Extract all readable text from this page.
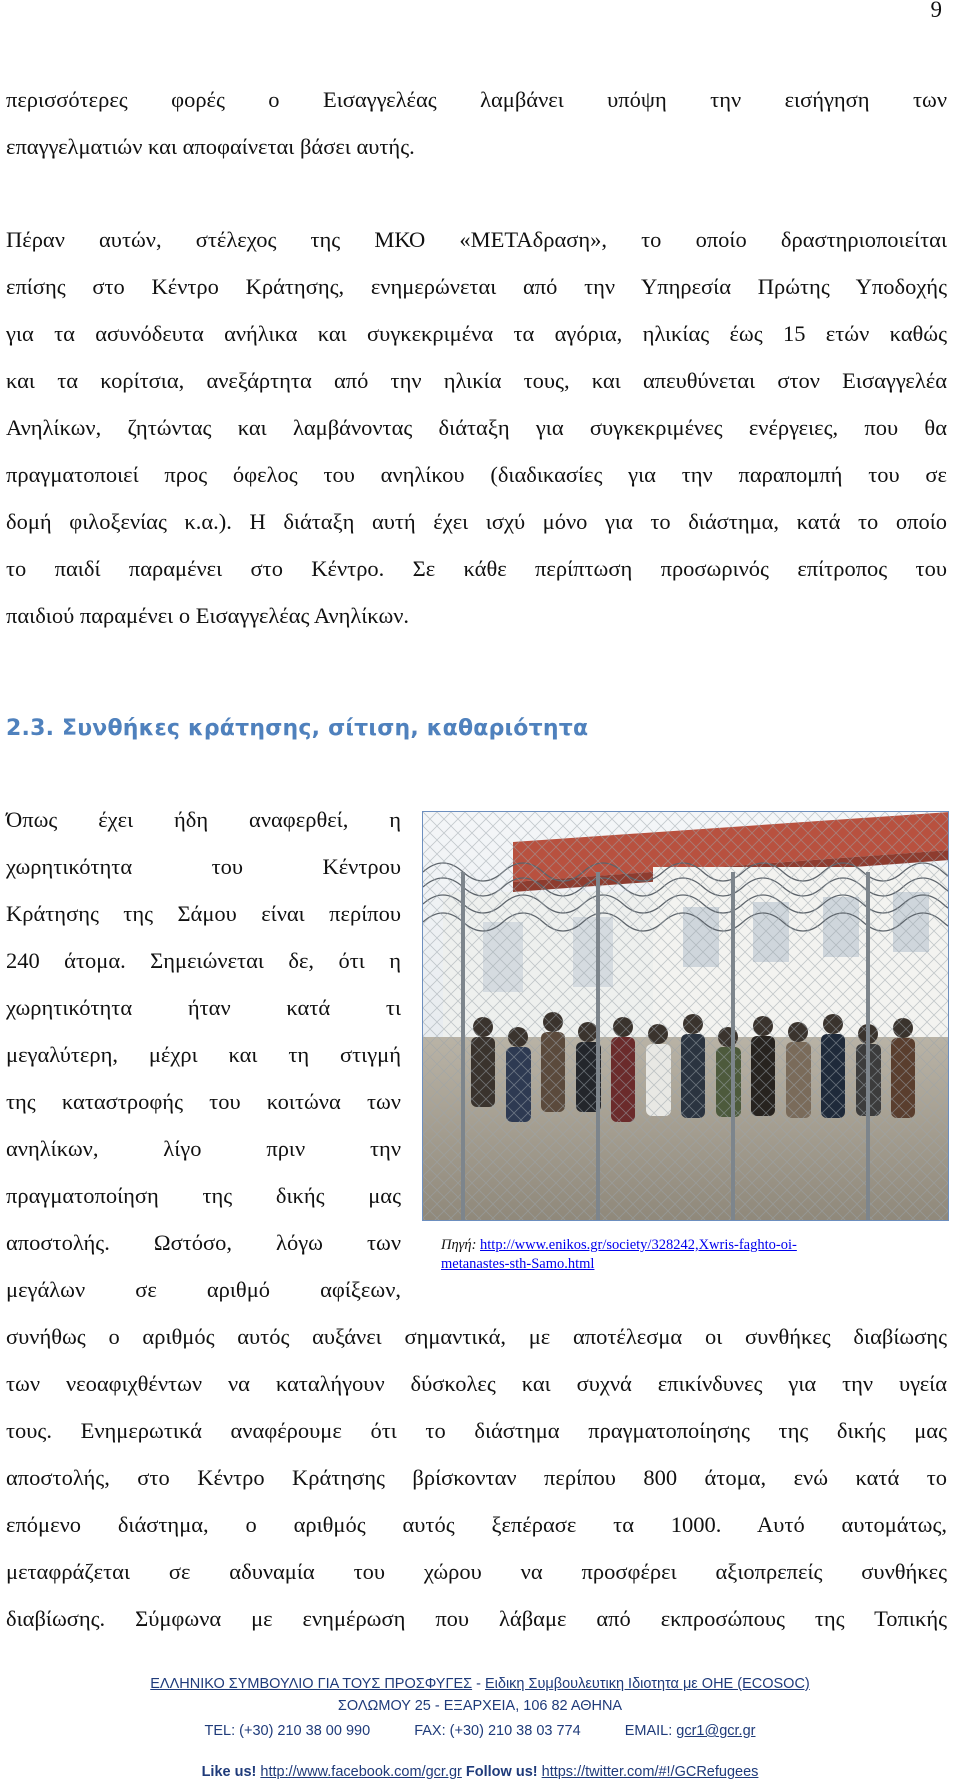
9
περισσότερες φορές ο Εισαγγελέας λαμβάνει υπόψη την εισήγηση των
επαγγελματιών και αποφαίνεται βάσει αυτής.
Πέραν αυτών, στέλεχος της ΜΚΟ «ΜΕΤΑδραση», το οποίο δραστηριοποιείται
επίσης στο Κέντρο Κράτησης, ενημερώνεται από την Υπηρεσία Πρώτης Υποδοχής
για τα ασυνόδευτα ανήλικα και συγκεκριμένα τα αγόρια, ηλικίας έως 15 ετών καθώς
και τα κορίτσια, ανεξάρτητα από την ηλικία τους, και απευθύνεται στον Εισαγγελέα
Ανηλίκων, ζητώντας και λαμβάνοντας διάταξη για συγκεκριμένες ενέργειες, που θα
πραγματοποιεί προς όφελος του ανηλίκου (διαδικασίες για την παραπομπή του σε
δομή φιλοξενίας κ.α.). Η διάταξη αυτή έχει ισχύ μόνο για το διάστημα, κατά το οποίο
το παιδί παραμένει στο Κέντρο. Σε κάθε περίπτωση προσωρινός επίτροπος του
παιδιού παραμένει ο Εισαγγελέας Ανηλίκων.
2.3. Συνθήκες κράτησης, σίτιση, καθαριότητα
Όπως έχει ήδη αναφερθεί, η
χωρητικότητα του Κέντρου
Κράτησης της Σάμου είναι περίπου
240 άτομα. Σημειώνεται δε, ότι η
χωρητικότητα ήταν κατά τι
μεγαλύτερη, μέχρι και τη στιγμή
της καταστροφής του κοιτώνα των
ανηλίκων, λίγο πριν την
πραγματοποίηση της δικής μας
αποστολής. Ωστόσο, λόγω των
μεγάλων σε αριθμό αφίξεων,
Πηγή: http://www.enikos.gr/society/328242,Xwris-faghto-oi-
metanastes-sth-Samo.html
συνήθως ο αριθμός αυτός αυξάνει σημαντικά, με αποτέλεσμα οι συνθήκες διαβίωσης
των νεοαφιχθέντων να καταλήγουν δύσκολες και συχνά επικίνδυνες για την υγεία
τους. Ενημερωτικά αναφέρουμε ότι το διάστημα πραγματοποίησης της δικής μας
αποστολής, στο Κέντρο Κράτησης βρίσκονταν περίπου 800 άτομα, ενώ κατά το
επόμενο διάστημα, ο αριθμός αυτός ξεπέρασε τα 1000. Αυτό αυτομάτως,
μεταφράζεται σε αδυναμία του χώρου να προσφέρει αξιοπρεπείς συνθήκες
διαβίωσης. Σύμφωνα με ενημέρωση που λάβαμε από εκπροσώπους της Τοπικής
ΕΛΛΗΝΙΚΟ ΣΥΜΒΟΥΛΙΟ ΓΙΑ ΤΟΥΣ ΠΡΟΣΦΥΓΕΣ - Ειδικη Συμβουλευτικη Ιδιοτητα με ΟΗΕ (ECOSOC)
ΣΟΛΩΜΟΥ 25 - ΕΞΑΡΧΕΙΑ, 106 82 ΑΘΗΝΑ
TEL: (+30) 210 38 00 990	FAX: (+30) 210 38 03 774	EMAIL: gcr1@gcr.gr
Like us! http://www.facebook.com/gcr.gr Follow us! https://twitter.com/#!/GCRefugees
